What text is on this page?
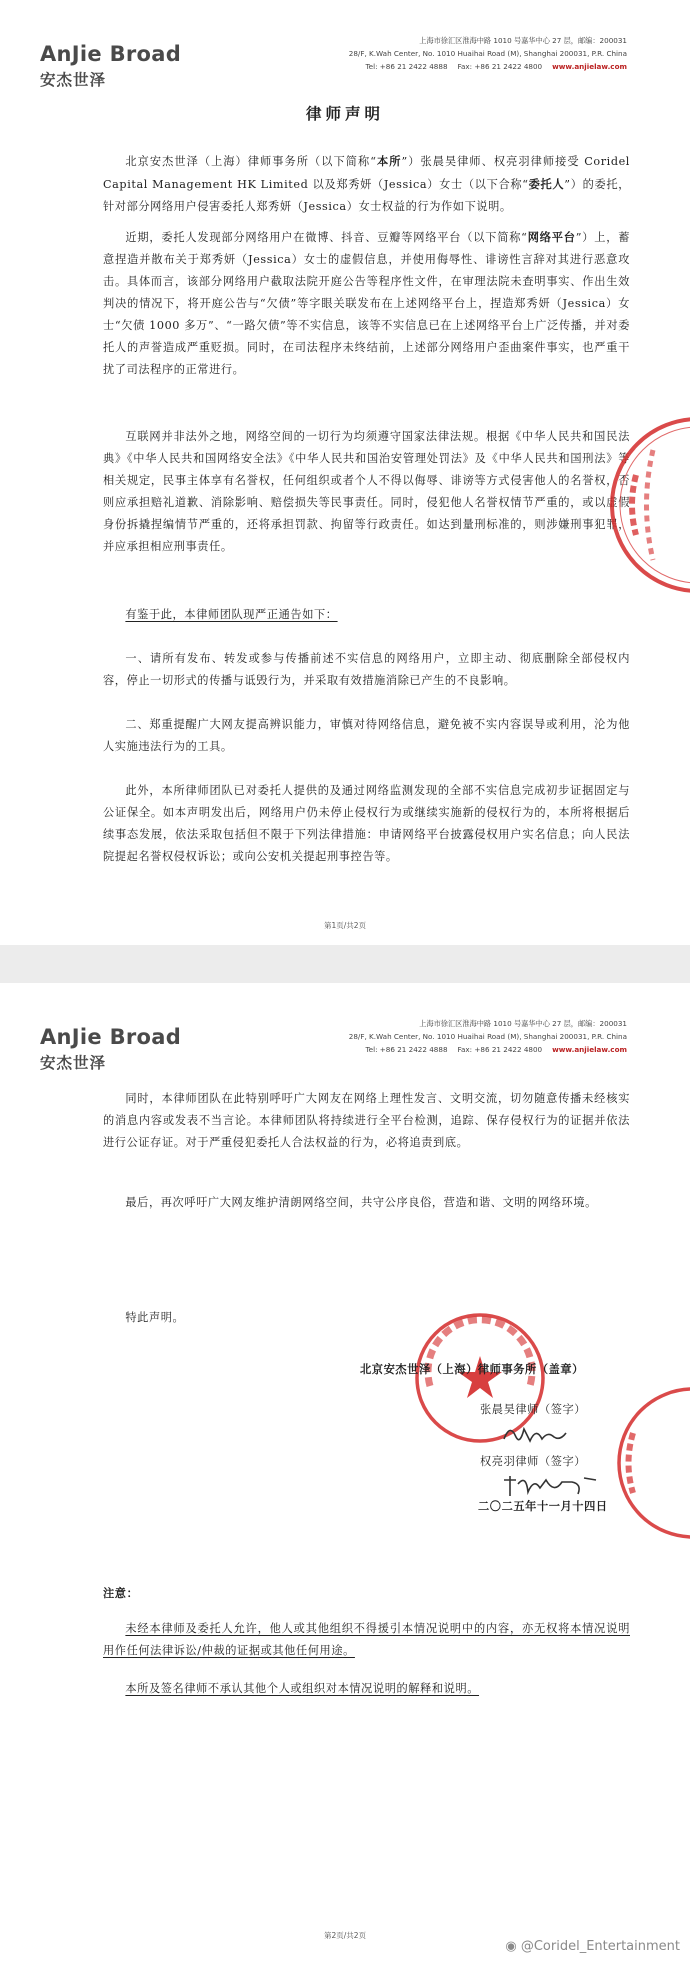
AnJie Broad
安杰世泽
上海市徐汇区淮海中路 1010 号嘉华中心 27 层，邮编：200031
28/F, K.Wah Center, No. 1010 Huaihai Road (M), Shanghai 200031, P.R. China
Tel: +86 21 2422 4888 Fax: +86 21 2422 4800 www.anjielaw.com
律师声明
北京安杰世泽（上海）律师事务所（以下简称“本所”）张晨昊律师、权亮羽律师接受 Coridel Capital Management HK Limited 以及郑秀妍（Jessica）女士（以下合称“委托人”）的委托，针对部分网络用户侵害委托人郑秀妍（Jessica）女士权益的行为作如下说明。
近期，委托人发现部分网络用户在微博、抖音、豆瓣等网络平台（以下简称“网络平台”）上，蓄意捏造并散布关于郑秀妍（Jessica）女士的虚假信息，并使用侮辱性、诽谤性言辞对其进行恶意攻击。具体而言，该部分网络用户截取法院开庭公告等程序性文件，在审理法院未查明事实、作出生效判决的情况下，将开庭公告与“欠债”等字眼关联发布在上述网络平台上，捏造郑秀妍（Jessica）女士“欠债 1000 多万”、“一路欠债”等不实信息，该等不实信息已在上述网络平台上广泛传播，并对委托人的声誉造成严重贬损。同时，在司法程序未终结前，上述部分网络用户歪曲案件事实，也严重干扰了司法程序的正常进行。
互联网并非法外之地，网络空间的一切行为均须遵守国家法律法规。根据《中华人民共和国民法典》《中华人民共和国网络安全法》《中华人民共和国治安管理处罚法》及《中华人民共和国刑法》等相关规定，民事主体享有名誉权，任何组织或者个人不得以侮辱、诽谤等方式侵害他人的名誉权，否则应承担赔礼道歉、消除影响、赔偿损失等民事责任。同时，侵犯他人名誉权情节严重的，或以虚假身份拆撬捏编情节严重的，还将承担罚款、拘留等行政责任。如达到量刑标准的，则涉嫌刑事犯罪，并应承担相应刑事责任。
有鉴于此，本律师团队现严正通告如下：
一、请所有发布、转发或参与传播前述不实信息的网络用户，立即主动、彻底删除全部侵权内容，停止一切形式的传播与诋毁行为，并采取有效措施消除已产生的不良影响。
二、郑重提醒广大网友提高辨识能力，审慎对待网络信息，避免被不实内容误导或利用，沦为他人实施违法行为的工具。
此外，本所律师团队已对委托人提供的及通过网络监测发现的全部不实信息完成初步证据固定与公证保全。如本声明发出后，网络用户仍未停止侵权行为或继续实施新的侵权行为的，本所将根据后续事态发展，依法采取包括但不限于下列法律措施：申请网络平台披露侵权用户实名信息；向人民法院提起名誉权侵权诉讼；或向公安机关提起刑事控告等。
第1页/共2页
AnJie Broad
安杰世泽
上海市徐汇区淮海中路 1010 号嘉华中心 27 层，邮编：200031
28/F, K.Wah Center, No. 1010 Huaihai Road (M), Shanghai 200031, P.R. China
Tel: +86 21 2422 4888 Fax: +86 21 2422 4800 www.anjielaw.com
同时，本律师团队在此特别呼吁广大网友在网络上理性发言、文明交流，切勿随意传播未经核实的消息内容或发表不当言论。本律师团队将持续进行全平台检测，追踪、保存侵权行为的证据并依法进行公证存证。对于严重侵犯委托人合法权益的行为，必将追责到底。
最后，再次呼吁广大网友维护清朗网络空间，共守公序良俗，营造和谐、文明的网络环境。
特此声明。
北京安杰世泽（上海）律师事务所（盖章）
张晨昊律师（签字）
权亮羽律师（签字）
二〇二五年十一月十四日
注意：
未经本律师及委托人允许，他人或其他组织不得援引本情况说明中的内容，亦无权将本情况说明用作任何法律诉讼/仲裁的证据或其他任何用途。
本所及签名律师不承认其他个人或组织对本情况说明的解释和说明。
第2页/共2页
◉ @Coridel_Entertainment
